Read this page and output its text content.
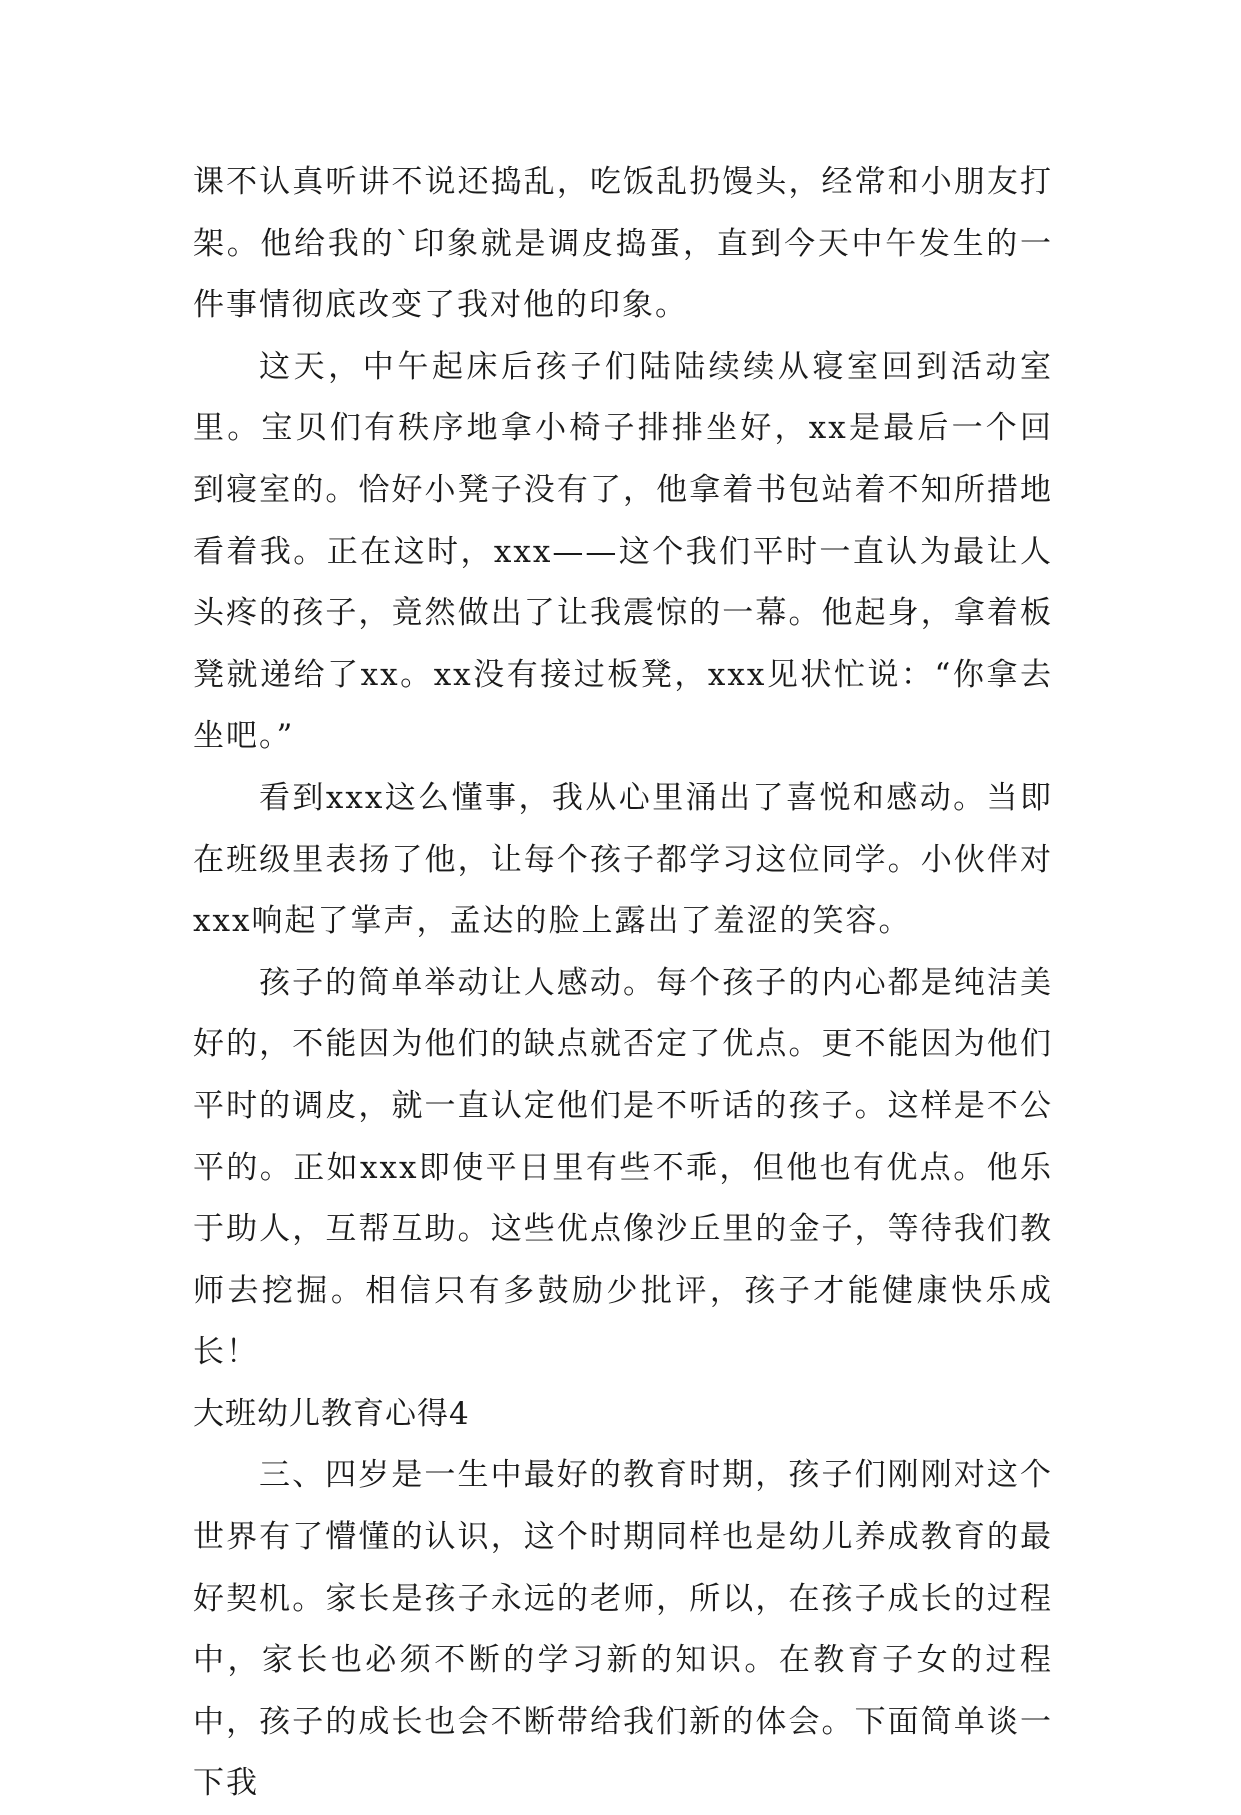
课不认真听讲不说还捣乱，吃饭乱扔馒头，经常和小朋友打架。他给我的`印象就是调皮捣蛋，直到今天中午发生的一件事情彻底改变了我对他的印象。

这天，中午起床后孩子们陆陆续续从寝室回到活动室里。宝贝们有秩序地拿小椅子排排坐好，xx是最后一个回到寝室的。恰好小凳子没有了，他拿着书包站着不知所措地看着我。正在这时，xxx——这个我们平时一直认为最让人头疼的孩子，竟然做出了让我震惊的一幕。他起身，拿着板凳就递给了xx。xx没有接过板凳，xxx见状忙说：“你拿去坐吧。”

看到xxx这么懂事，我从心里涌出了喜悦和感动。当即在班级里表扬了他，让每个孩子都学习这位同学。小伙伴对xxx响起了掌声，孟达的脸上露出了羞涩的笑容。

孩子的简单举动让人感动。每个孩子的内心都是纯洁美好的，不能因为他们的缺点就否定了优点。更不能因为他们平时的调皮，就一直认定他们是不听话的孩子。这样是不公平的。正如xxx即使平日里有些不乖，但他也有优点。他乐于助人，互帮互助。这些优点像沙丘里的金子，等待我们教师去挖掘。相信只有多鼓励少批评，孩子才能健康快乐成长！

大班幼儿教育心得4

三、四岁是一生中最好的教育时期，孩子们刚刚对这个世界有了懵懂的认识，这个时期同样也是幼儿养成教育的最好契机。家长是孩子永远的老师，所以，在孩子成长的过程中，家长也必须不断的学习新的知识。在教育子女的过程中，孩子的成长也会不断带给我们新的体会。下面简单谈一下我
